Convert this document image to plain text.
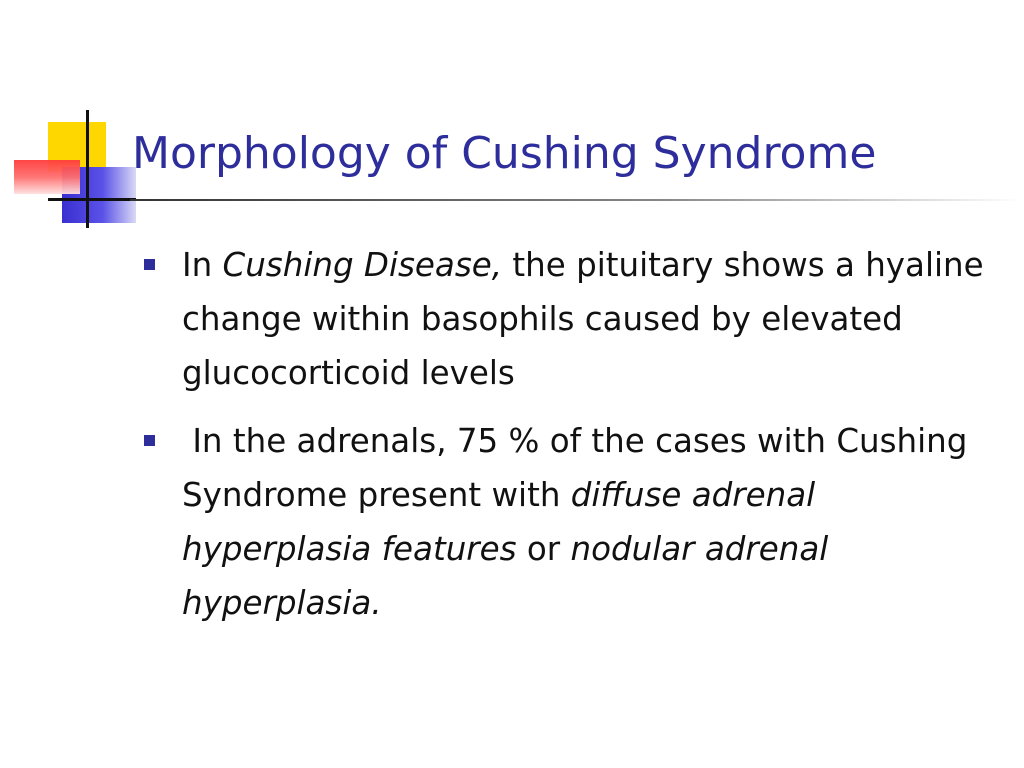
Morphology of Cushing Syndrome
In Cushing Disease, the pituitary shows a hyaline change within basophils caused by elevated glucocorticoid levels
In the adrenals, 75 % of the cases with Cushing Syndrome present with diffuse adrenal hyperplasia features or nodular adrenal hyperplasia.
